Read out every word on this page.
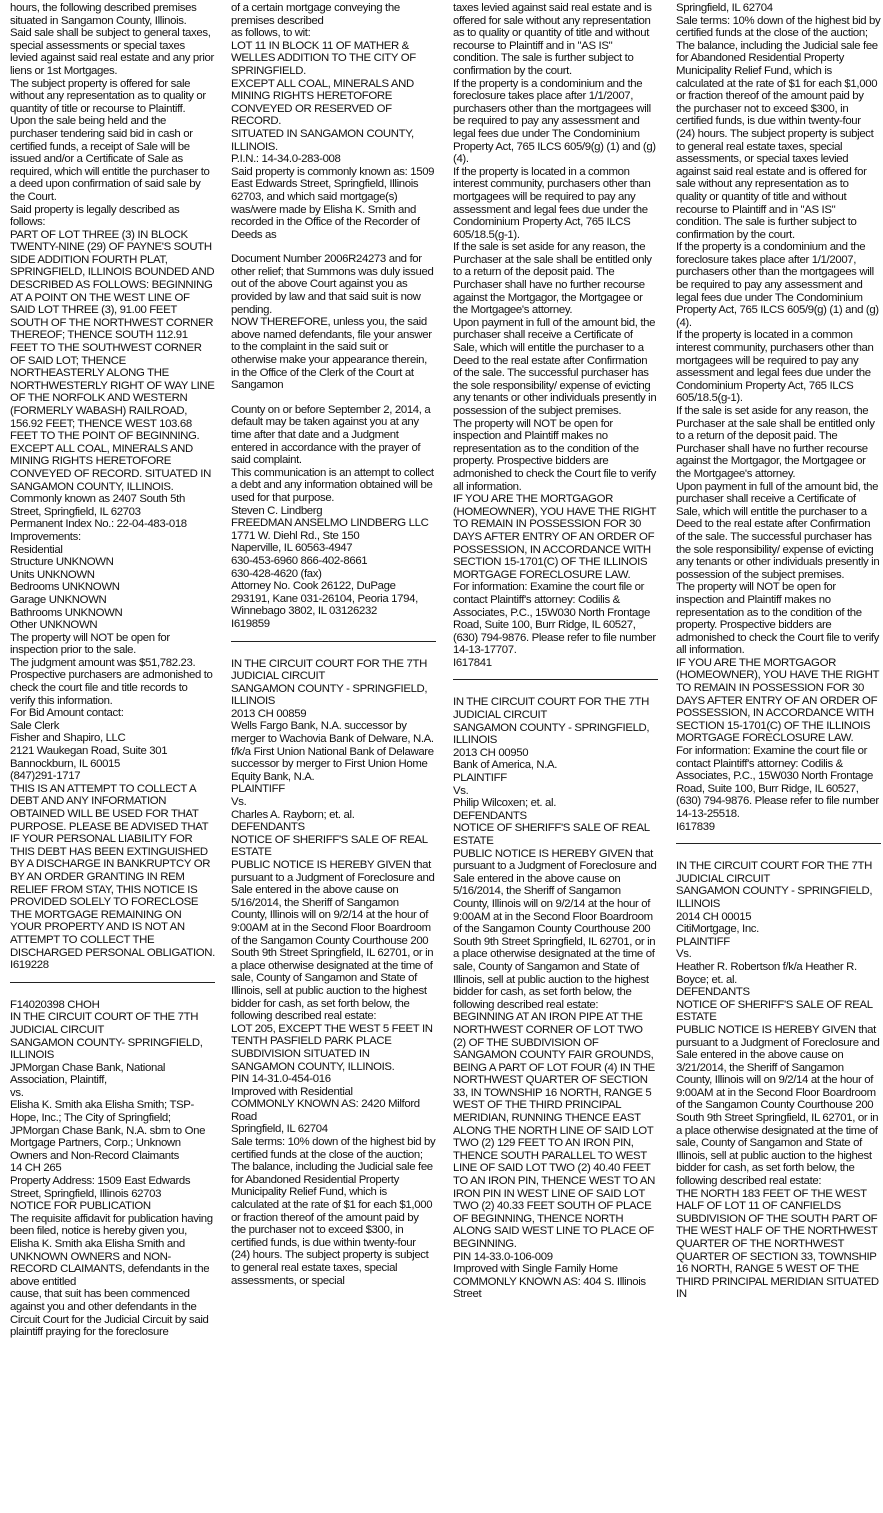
hours, the following described premises situated in Sangamon County, Illinois.

Said sale shall be subject to general taxes, special assessments or special taxes levied against said real estate and any prior liens or 1st Mortgages.

The subject property is offered for sale without any representation as to quality or quantity of title or recourse to Plaintiff.

Upon the sale being held and the purchaser tendering said bid in cash or certified funds, a receipt of Sale will be issued and/or a Certificate of Sale as required, which will entitle the purchaser to a deed upon confirmation of said sale by the Court.

Said property is legally described as follows:

PART OF LOT THREE (3) IN BLOCK TWENTY-NINE (29) OF PAYNE'S SOUTH SIDE ADDITION FOURTH PLAT, SPRINGFIELD, ILLINOIS BOUNDED AND DESCRIBED AS FOLLOWS: BEGINNING AT A POINT ON THE WEST LINE OF SAID LOT THREE (3), 91.00 FEET SOUTH OF THE NORTHWEST CORNER THEREOF; THENCE SOUTH 112.91 FEET TO THE SOUTHWEST CORNER OF SAID LOT; THENCE NORTHEASTERLY ALONG THE NORTHWESTERLY RIGHT OF WAY LINE OF THE NORFOLK AND WESTERN (FORMERLY WABASH) RAILROAD, 156.92 FEET; THENCE WEST 103.68 FEET TO THE POINT OF BEGINNING. EXCEPT ALL COAL, MINERALS AND MINING RIGHTS HERETOFORE CONVEYED OF RECORD. SITUATED IN SANGAMON COUNTY, ILLINOIS.

Commonly known as 2407 South 5th Street, Springfield, IL 62703

Permanent Index No.: 22-04-483-018

Improvements:

Residential

Structure UNKNOWN

Units UNKNOWN

Bedrooms UNKNOWN

Garage UNKNOWN

Bathrooms UNKNOWN

Other UNKNOWN

The property will NOT be open for inspection prior to the sale.

The judgment amount was $51,782.23.

Prospective purchasers are admonished to check the court file and title records to verify this information.

For Bid Amount contact:

Sale Clerk

Fisher and Shapiro, LLC

2121 Waukegan Road, Suite 301

Bannockburn, IL 60015

(847)291-1717

THIS IS AN ATTEMPT TO COLLECT A DEBT AND ANY INFORMATION OBTAINED WILL BE USED FOR THAT PURPOSE. PLEASE BE ADVISED THAT IF YOUR PERSONAL LIABILITY FOR THIS DEBT HAS BEEN EXTINGUISHED BY A DISCHARGE IN BANKRUPTCY OR BY AN ORDER GRANTING IN REM RELIEF FROM STAY, THIS NOTICE IS PROVIDED SOLELY TO FORECLOSE THE MORTGAGE REMAINING ON YOUR PROPERTY AND IS NOT AN ATTEMPT TO COLLECT THE DISCHARGED PERSONAL OBLIGATION.

I619228

F14020398 CHOH

IN THE CIRCUIT COURT OF THE 7TH JUDICIAL CIRCUIT

SANGAMON COUNTY- SPRINGFIELD, ILLINOIS

JPMorgan Chase Bank, National Association, Plaintiff,

vs.

Elisha K. Smith aka Elisha Smith; TSP-Hope, Inc.; The City of Springfield; JPMorgan Chase Bank, N.A. sbm to One Mortgage Partners, Corp.; Unknown Owners and Non-Record Claimants

14 CH 265

Property Address: 1509 East Edwards Street, Springfield, Illinois 62703

NOTICE FOR PUBLICATION

The requisite affidavit for publication having been filed, notice is hereby given you, Elisha K. Smith aka Elisha Smith and UNKNOWN OWNERS and NON-RECORD CLAIMANTS, defendants in the above entitled

cause, that suit has been commenced against you and other defendants in the Circuit Court for the Judicial Circuit by said plaintiff praying for the foreclosure

of a certain mortgage conveying the premises described

as follows, to wit:

LOT 11 IN BLOCK 11 OF MATHER & WELLES ADDITION TO THE CITY OF SPRINGFIELD.

EXCEPT ALL COAL, MINERALS AND MINING RIGHTS HERETOFORE CONVEYED OR RESERVED OF RECORD.

SITUATED IN SANGAMON COUNTY, ILLINOIS.

P.I.N.: 14-34.0-283-008

Said property is commonly known as: 1509 East Edwards Street, Springfield, Illinois 62703, and which said mortgage(s) was/were made by Elisha K. Smith and recorded in the Office of the Recorder of Deeds as

Document Number 2006R24273 and for other relief; that Summons was duly issued out of the above Court against you as provided by law and that said suit is now pending.

NOW THEREFORE, unless you, the said above named defendants, file your answer to the complaint in the said suit or otherwise make your appearance therein, in the Office of the Clerk of the Court at Sangamon

County on or before September 2, 2014, a default may be taken against you at any time after that date and a Judgment entered in accordance with the prayer of said complaint.

This communication is an attempt to collect a debt and any information obtained will be used for that purpose.

Steven C. Lindberg

FREEDMAN ANSELMO LINDBERG LLC

1771 W. Diehl Rd., Ste 150

Naperville, IL 60563-4947

630-453-6960 866-402-8661

630-428-4620 (fax)

Attorney No. Cook 26122, DuPage 293191, Kane 031-26104, Peoria 1794, Winnebago 3802, IL 03126232

I619859

IN THE CIRCUIT COURT FOR THE 7TH JUDICIAL CIRCUIT

SANGAMON COUNTY - SPRINGFIELD, ILLINOIS

2013 CH 00859

Wells Fargo Bank, N.A. successor by merger to Wachovia Bank of Delware, N.A.

f/k/a First Union National Bank of Delaware successor by merger to First Union Home Equity Bank, N.A.

PLAINTIFF

Vs.

Charles A. Rayborn; et. al.

DEFENDANTS

NOTICE OF SHERIFF'S SALE OF REAL ESTATE

PUBLIC NOTICE IS HEREBY GIVEN that pursuant to a Judgment of Foreclosure and Sale entered in the above cause on 5/16/2014, the Sheriff of Sangamon County, Illinois will on 9/2/14 at the hour of 9:00AM at in the Second Floor Boardroom of the Sangamon County Courthouse 200 South 9th Street Springfield, IL 62701, or in a place otherwise designated at the time of sale, County of Sangamon and State of Illinois, sell at public auction to the highest bidder for cash, as set forth below, the following described real estate:

LOT 205, EXCEPT THE WEST 5 FEET IN TENTH PASFIELD PARK PLACE SUBDIVISION SITUATED IN SANGAMON COUNTY, ILLINOIS.

PIN 14-31.0-454-016

Improved with Residential

COMMONLY KNOWN AS: 2420 Milford Road

Springfield, IL 62704

Sale terms: 10% down of the highest bid by certified funds at the close of the auction; The balance, including the Judicial sale fee for Abandoned Residential Property Municipality Relief Fund, which is calculated at the rate of $1 for each $1,000 or fraction thereof of the amount paid by the purchaser not to exceed $300, in certified funds, is due within twenty-four (24) hours. The subject property is subject to general real estate taxes, special assessments, or special

taxes levied against said real estate and is offered for sale without any representation as to quality or quantity of title and without recourse to Plaintiff and in "AS IS" condition. The sale is further subject to confirmation by the court.

If the property is a condominium and the foreclosure takes place after 1/1/2007, purchasers other than the mortgagees will be required to pay any assessment and legal fees due under The Condominium Property Act, 765 ILCS 605/9(g) (1) and (g)(4).

If the property is located in a common interest community, purchasers other than mortgagees will be required to pay any assessment and legal fees due under the Condominium Property Act, 765 ILCS 605/18.5(g-1).

If the sale is set aside for any reason, the Purchaser at the sale shall be entitled only to a return of the deposit paid. The Purchaser shall have no further recourse against the Mortgagor, the Mortgagee or the Mortgagee's attorney.

Upon payment in full of the amount bid, the purchaser shall receive a Certificate of Sale, which will entitle the purchaser to a Deed to the real estate after Confirmation of the sale. The successful purchaser has the sole responsibility/ expense of evicting any tenants or other individuals presently in possession of the subject premises.

The property will NOT be open for inspection and Plaintiff makes no representation as to the condition of the property. Prospective bidders are admonished to check the Court file to verify all information.

IF YOU ARE THE MORTGAGOR (HOMEOWNER), YOU HAVE THE RIGHT TO REMAIN IN POSSESSION FOR 30 DAYS AFTER ENTRY OF AN ORDER OF POSSESSION, IN ACCORDANCE WITH SECTION 15-1701(C) OF THE ILLINOIS MORTGAGE FORECLOSURE LAW.

For information: Examine the court file or contact Plaintiff's attorney: Codilis & Associates, P.C., 15W030 North Frontage Road, Suite 100, Burr Ridge, IL 60527, (630) 794-9876. Please refer to file number 14-13-17707.

I617841

IN THE CIRCUIT COURT FOR THE 7TH JUDICIAL CIRCUIT

SANGAMON COUNTY - SPRINGFIELD, ILLINOIS

2013 CH 00950

Bank of America, N.A.

PLAINTIFF

Vs.

Philip Wilcoxen; et. al.

DEFENDANTS

NOTICE OF SHERIFF'S SALE OF REAL ESTATE

PUBLIC NOTICE IS HEREBY GIVEN that pursuant to a Judgment of Foreclosure and Sale entered in the above cause on 5/16/2014, the Sheriff of Sangamon County, Illinois will on 9/2/14 at the hour of 9:00AM at in the Second Floor Boardroom of the Sangamon County Courthouse 200 South 9th Street Springfield, IL 62701, or in a place otherwise designated at the time of sale, County of Sangamon and State of Illinois, sell at public auction to the highest bidder for cash, as set forth below, the following described real estate:

BEGINNING AT AN IRON PIPE AT THE NORTHWEST CORNER OF LOT TWO (2) OF THE SUBDIVISION OF SANGAMON COUNTY FAIR GROUNDS, BEING A PART OF LOT FOUR (4) IN THE NORTHWEST QUARTER OF SECTION 33, IN TOWNSHIP 16 NORTH, RANGE 5 WEST OF THE THIRD PRINCIPAL MERIDIAN, RUNNING THENCE EAST ALONG THE NORTH LINE OF SAID LOT TWO (2) 129 FEET TO AN IRON PIN, THENCE SOUTH PARALLEL TO WEST LINE OF SAID LOT TWO (2) 40.40 FEET TO AN IRON PIN, THENCE WEST TO AN IRON PIN IN WEST LINE OF SAID LOT TWO (2) 40.33 FEET SOUTH OF PLACE OF BEGINNING, THENCE NORTH ALONG SAID WEST LINE TO PLACE OF BEGINNING.

PIN 14-33.0-106-009

Improved with Single Family Home

COMMONLY KNOWN AS: 404 S. Illinois Street

Springfield, IL 62704

Sale terms: 10% down of the highest bid by certified funds at the close of the auction; The balance, including the Judicial sale fee for Abandoned Residential Property Municipality Relief Fund, which is calculated at the rate of $1 for each $1,000 or fraction thereof of the amount paid by the purchaser not to exceed $300, in certified funds, is due within twenty-four (24) hours. The subject property is subject to general real estate taxes, special assessments, or special taxes levied against said real estate and is offered for sale without any representation as to quality or quantity of title and without recourse to Plaintiff and in "AS IS" condition. The sale is further subject to confirmation by the court.

If the property is a condominium and the foreclosure takes place after 1/1/2007, purchasers other than the mortgagees will be required to pay any assessment and legal fees due under The Condominium Property Act, 765 ILCS 605/9(g) (1) and (g)(4).

If the property is located in a common interest community, purchasers other than mortgagees will be required to pay any assessment and legal fees due under the Condominium Property Act, 765 ILCS 605/18.5(g-1).

If the sale is set aside for any reason, the Purchaser at the sale shall be entitled only to a return of the deposit paid. The Purchaser shall have no further recourse against the Mortgagor, the Mortgagee or the Mortgagee's attorney.

Upon payment in full of the amount bid, the purchaser shall receive a Certificate of Sale, which will entitle the purchaser to a Deed to the real estate after Confirmation of the sale. The successful purchaser has the sole responsibility/ expense of evicting any tenants or other individuals presently in possession of the subject premises.

The property will NOT be open for inspection and Plaintiff makes no representation as to the condition of the property. Prospective bidders are admonished to check the Court file to verify all information.

IF YOU ARE THE MORTGAGOR (HOMEOWNER), YOU HAVE THE RIGHT TO REMAIN IN POSSESSION FOR 30 DAYS AFTER ENTRY OF AN ORDER OF POSSESSION, IN ACCORDANCE WITH SECTION 15-1701(C) OF THE ILLINOIS MORTGAGE FORECLOSURE LAW.

For information: Examine the court file or contact Plaintiff's attorney: Codilis & Associates, P.C., 15W030 North Frontage Road, Suite 100, Burr Ridge, IL 60527, (630) 794-9876. Please refer to file number 14-13-25518.

I617839

IN THE CIRCUIT COURT FOR THE 7TH JUDICIAL CIRCUIT

SANGAMON COUNTY - SPRINGFIELD, ILLINOIS

2014 CH 00015

CitiMortgage, Inc.

PLAINTIFF

Vs.

Heather R. Robertson f/k/a Heather R. Boyce; et. al.

DEFENDANTS

NOTICE OF SHERIFF'S SALE OF REAL ESTATE

PUBLIC NOTICE IS HEREBY GIVEN that pursuant to a Judgment of Foreclosure and Sale entered in the above cause on 3/21/2014, the Sheriff of Sangamon County, Illinois will on 9/2/14 at the hour of 9:00AM at in the Second Floor Boardroom of the Sangamon County Courthouse 200 South 9th Street Springfield, IL 62701, or in a place otherwise designated at the time of sale, County of Sangamon and State of Illinois, sell at public auction to the highest bidder for cash, as set forth below, the following described real estate:

THE NORTH 183 FEET OF THE WEST HALF OF LOT 11 OF CANFIELDS SUBDIVISION OF THE SOUTH PART OF THE WEST HALF OF THE NORTHWEST QUARTER OF THE NORTHWEST QUARTER OF SECTION 33, TOWNSHIP 16 NORTH, RANGE 5 WEST OF THE THIRD PRINCIPAL MERIDIAN SITUATED IN
